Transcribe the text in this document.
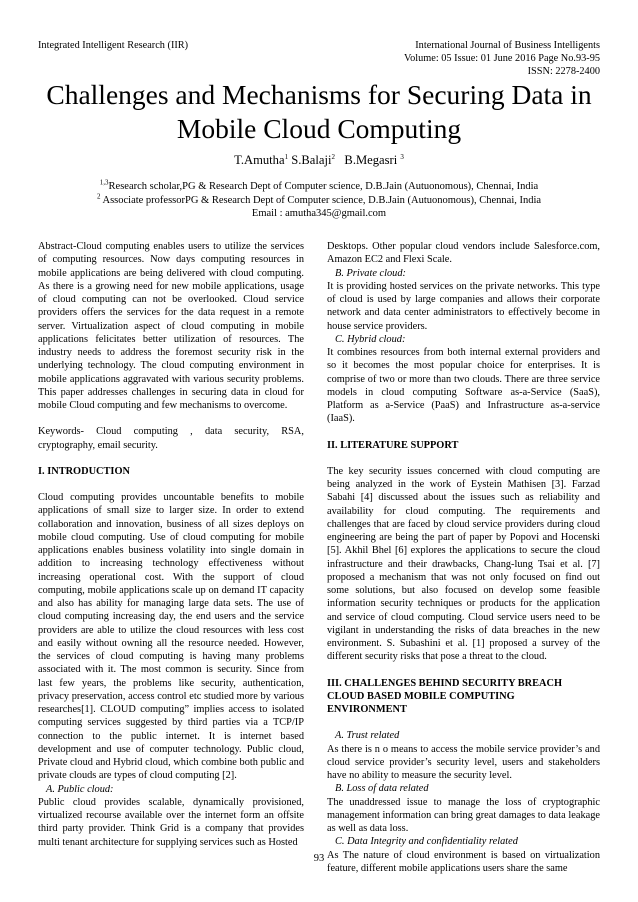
Integrated Intelligent Research (IIR)	International Journal of Business Intelligents
Volume: 05 Issue: 01 June 2016 Page No.93-95
ISSN: 2278-2400
Challenges and Mechanisms for Securing Data in
Mobile Cloud Computing
T.Amutha$^1$ S.Balaji$^2$ B.Megasri $^3$
$^{1,3}$Research scholar,PG & Research Dept of Computer science, D.B.Jain (Autuonomous), Chennai, India
$^2$ Associate professorPG & Research Dept of Computer science, D.B.Jain (Autuonomous), Chennai, India
Email : amutha345@gmail.com

Abstract-Cloud computing enables users to utilize the services of computing resources. Now days computing resources in mobile applications are being delivered with cloud computing. As there is a growing need for new mobile applications, usage of cloud computing can not be overlooked. Cloud service providers offers the services for the data request in a remote server. Virtualization aspect of cloud computing in mobile applications felicitates better utilization of resources. The industry needs to address the foremost security risk in the underlying technology. The cloud computing environment in mobile applications aggravated with various security problems. This paper addresses challenges in securing data in cloud for mobile Cloud computing and few mechanisms to overcome.

Keywords- Cloud computing , data security, RSA, cryptography, email security.

I. INTRODUCTION

Cloud computing provides uncountable benefits to mobile applications of small size to larger size. In order to extend collaboration and innovation, business of all sizes deploys on mobile cloud computing. Use of cloud computing for mobile applications enables business volatility into single domain in addition to increasing technology effectiveness without increasing operational cost. With the support of cloud computing, mobile applications scale up on demand IT capacity and also has ability for managing large data sets. The use of cloud computing increasing day, the end users and the service providers are able to utilize the cloud resources with less cost and easily without owning all the resource needed. However, the services of cloud computing is having many problems associated with it. The most common is security. Since from last few years, the problems like security, authentication, privacy preservation, access control etc studied more by various researches[1]. CLOUD computing” implies access to isolated computing services suggested by third parties via a TCP/IP connection to the public internet. It is internet based development and use of computer technology. Public cloud, Private cloud and Hybrid cloud, which combine both public and private clouds are types of cloud computing [2].

A. Public cloud:

Public cloud provides scalable, dynamically provisioned, virtualized recourse available over the internet form an offsite third party provider. Think Grid is a company that provides multi tenant architecture for supplying services such as Hosted

Desktops. Other popular cloud vendors include Salesforce.com, Amazon EC2 and Flexi Scale.

B. Private cloud:

It is providing hosted services on the private networks. This type of cloud is used by large companies and allows their corporate network and data center administrators to effectively become in house service providers.

C. Hybrid cloud:

It combines resources from both internal external providers and so it becomes the most popular choice for enterprises. It is comprise of two or more than two clouds. There are three service models in cloud computing Software as-a-Service (SaaS), Platform as a-Service (PaaS) and Infrastructure as-a-service (IaaS).

II. LITERATURE SUPPORT

The key security issues concerned with cloud computing are being analyzed in the work of Eystein Mathisen [3]. Farzad Sabahi [4] discussed about the issues such as reliability and availability for cloud computing. The requirements and challenges that are faced by cloud service providers during cloud engineering are being the part of paper by Popovi and Hocenski [5]. Akhil Bhel [6] explores the applications to secure the cloud infrastructure and their drawbacks, Chang-lung Tsai et al. [7] proposed a mechanism that was not only focused on find out some solutions, but also focused on develop some feasible information security techniques or products for the application and service of cloud computing. Cloud service users need to be vigilant in understanding the risks of data breaches in the new environment. S. Subashini et al. [1] proposed a survey of the different security risks that pose a threat to the cloud.

III. CHALLENGES BEHIND SECURITY BREACH
CLOUD BASED MOBILE COMPUTING
ENVIRONMENT

A. Trust related

As there is n o means to access the mobile service provider’s and cloud service provider’s security level, users and stakeholders have no ability to measure the security level.

B. Loss of data related

The unaddressed issue to manage the loss of cryptographic management information can bring great damages to data leakage as well as data loss.

C. Data Integrity and confidentiality related

As The nature of cloud environment is based on virtualization feature, different mobile applications users share the same

93
